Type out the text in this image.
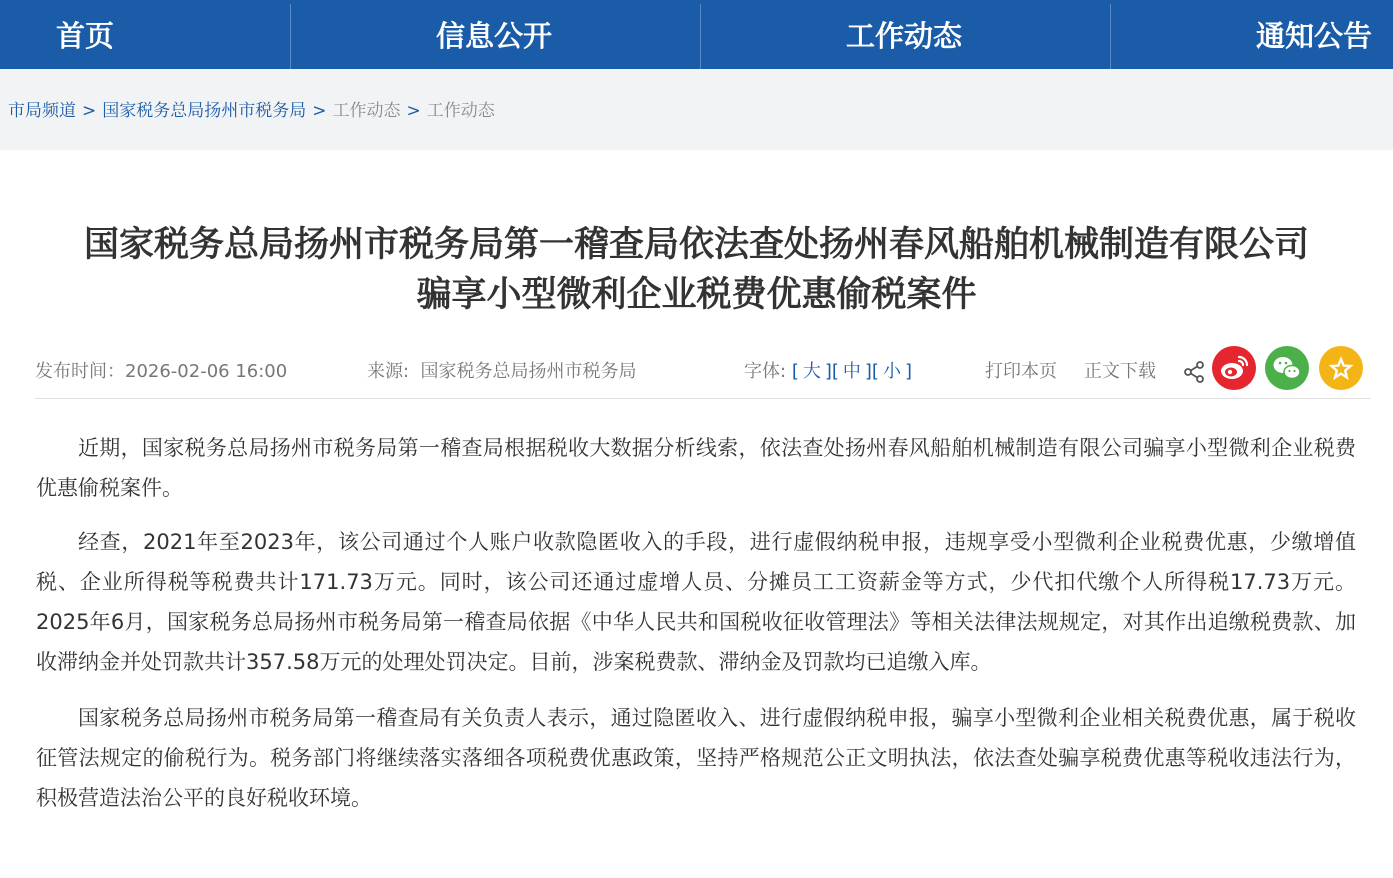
首页	信息公开	工作动态	通知公告
市局频道 > 国家税务总局扬州市税务局 > 工作动态 > 工作动态
国家税务总局扬州市税务局第一稽查局依法查处扬州春风船舶机械制造有限公司
骗享小型微利企业税费优惠偷税案件
发布时间：2026-02-06 16:00	来源: 国家税务总局扬州市税务局	字体: [ 大 ][ 中 ][ 小 ]	打印本页 正文下载
近期，国家税务总局扬州市税务局第一稽查局根据税收大数据分析线索，依法查处扬州春风船舶机械制造有限公司骗享小型微利企业税费优惠偷税案件。
经查，2021年至2023年，该公司通过个人账户收款隐匿收入的手段，进行虚假纳税申报，违规享受小型微利企业税费优惠，少缴增值税、企业所得税等税费共计171.73万元。同时，该公司还通过虚增人员、分摊员工工资薪金等方式，少代扣代缴个人所得税17.73万元。2025年6月，国家税务总局扬州市税务局第一稽查局依据《中华人民共和国税收征收管理法》等相关法律法规规定，对其作出追缴税费款、加收滞纳金并处罚款共计357.58万元的处理处罚决定。目前，涉案税费款、滞纳金及罚款均已追缴入库。
国家税务总局扬州市税务局第一稽查局有关负责人表示，通过隐匿收入、进行虚假纳税申报，骗享小型微利企业相关税费优惠，属于税收征管法规定的偷税行为。税务部门将继续落实落细各项税费优惠政策，坚持严格规范公正文明执法，依法查处骗享税费优惠等税收违法行为，积极营造法治公平的良好税收环境。
